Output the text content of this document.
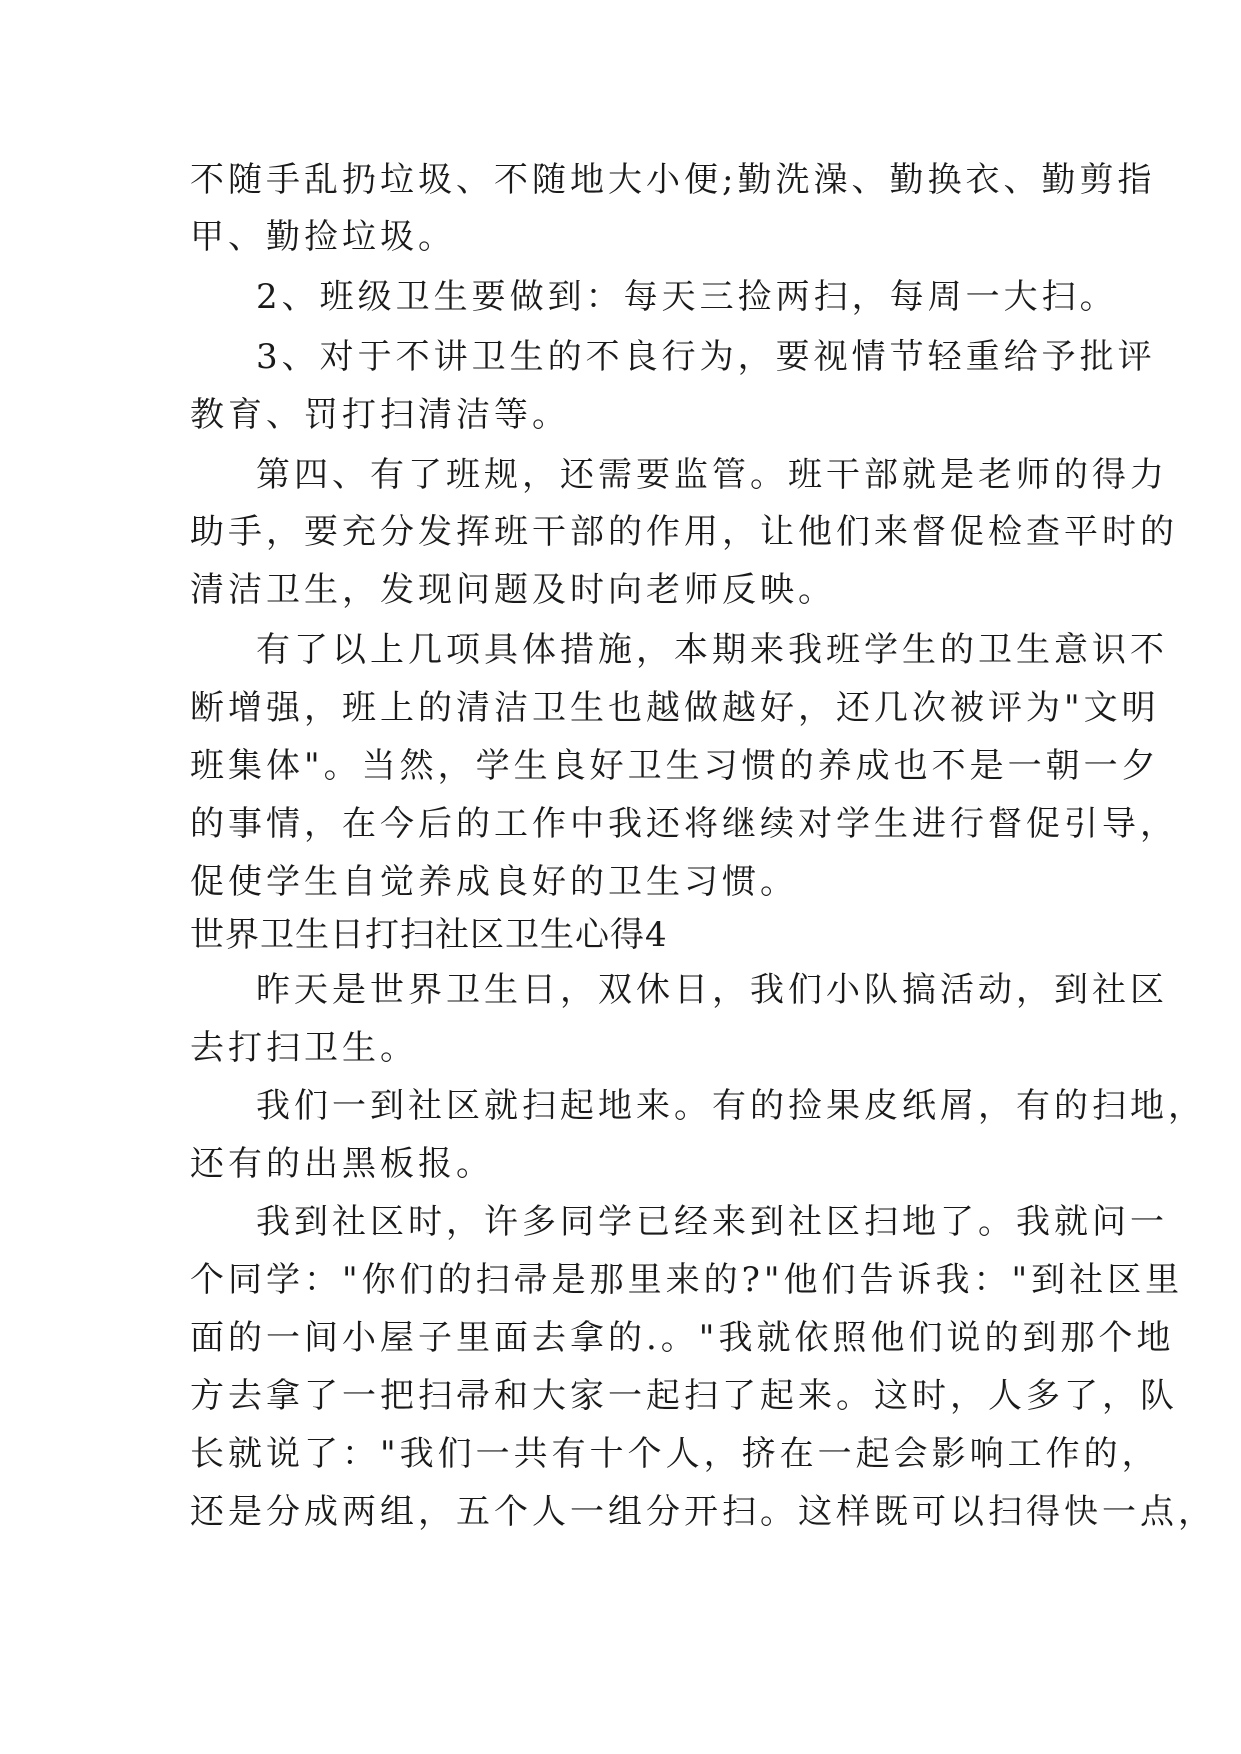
不随手乱扔垃圾、不随地大小便;勤洗澡、勤换衣、勤剪指
甲、勤捡垃圾。
2、班级卫生要做到：每天三捡两扫，每周一大扫。
3、对于不讲卫生的不良行为，要视情节轻重给予批评
教育、罚打扫清洁等。
第四、有了班规，还需要监管。班干部就是老师的得力
助手，要充分发挥班干部的作用，让他们来督促检查平时的
清洁卫生，发现问题及时向老师反映。
有了以上几项具体措施，本期来我班学生的卫生意识不
断增强，班上的清洁卫生也越做越好，还几次被评为"文明
班集体"。当然，学生良好卫生习惯的养成也不是一朝一夕
的事情，在今后的工作中我还将继续对学生进行督促引导，
促使学生自觉养成良好的卫生习惯。
世界卫生日打扫社区卫生心得4
昨天是世界卫生日，双休日，我们小队搞活动，到社区
去打扫卫生。
我们一到社区就扫起地来。有的捡果皮纸屑，有的扫地，
还有的出黑板报。
我到社区时，许多同学已经来到社区扫地了。我就问一
个同学："你们的扫帚是那里来的?"他们告诉我："到社区里
面的一间小屋子里面去拿的.。"我就依照他们说的到那个地
方去拿了一把扫帚和大家一起扫了起来。这时，人多了，队
长就说了："我们一共有十个人，挤在一起会影响工作的，
还是分成两组，五个人一组分开扫。这样既可以扫得快一点，
